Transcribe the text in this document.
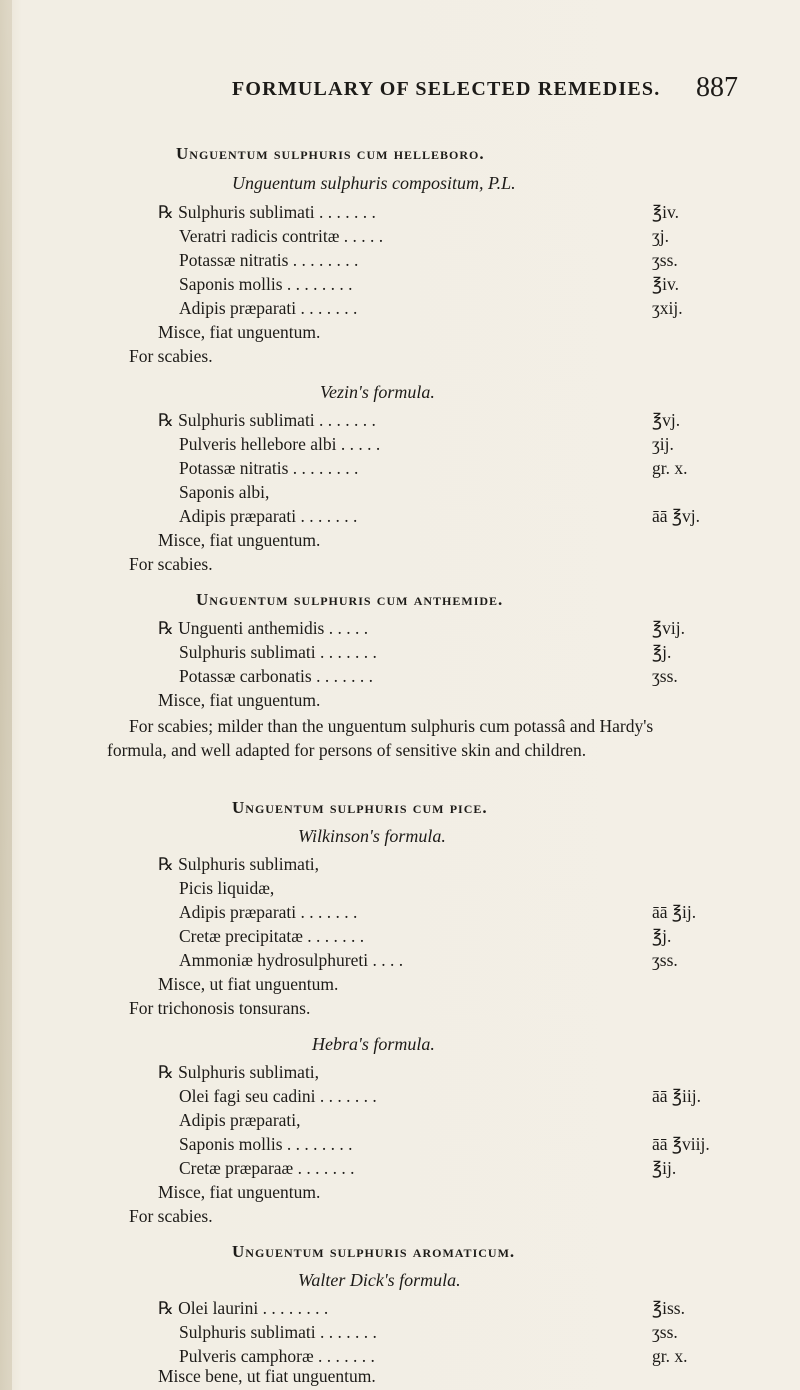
FORMULARY OF SELECTED REMEDIES. 887
Unguentum sulphuris cum helleboro.
Unguentum sulphuris compositum, P.L.
℞ Sulphuris sublimati . . . . . . .	℥iv.
Veratri radicis contritæ . . . . .	ʒj.
Potassæ nitratis . . . . . . . .	ʒss.
Saponis mollis . . . . . . . .	℥iv.
Adipis præparati . . . . . . .	ʒxij.
Misce, fiat unguentum.
For scabies.
Vezin's formula.
℞ Sulphuris sublimati . . . . . . .	℥vj.
Pulveris hellebore albi . . . . .	ʒij.
Potassæ nitratis . . . . . . . .	gr. x.
Saponis albi,
Adipis præparati . . . . . . .	āā ℥vj.
Misce, fiat unguentum.
For scabies.
Unguentum sulphuris cum anthemide.
℞ Unguenti anthemidis . . . . .	℥vij.
Sulphuris sublimati . . . . . . .	℥j.
Potassæ carbonatis . . . . . . .	ʒss.
Misce, fiat unguentum.
For scabies; milder than the unguentum sulphuris cum potassâ and Hardy's
formula, and well adapted for persons of sensitive skin and children.
Unguentum sulphuris cum pice.
Wilkinson's formula.
℞ Sulphuris sublimati,
Picis liquidæ,
Adipis præparati . . . . . . .	āā ℥ij.
Cretæ precipitatæ . . . . . . .	℥j.
Ammoniæ hydrosulphureti . . . .	ʒss.
Misce, ut fiat unguentum.
For trichonosis tonsurans.
Hebra's formula.
℞ Sulphuris sublimati,
Olei fagi seu cadini . . . . . . .	āā ℥iij.
Adipis præparati,
Saponis mollis . . . . . . . .	āā ℥viij.
Cretæ præparaæ . . . . . . .	℥ij.
Misce, fiat unguentum.
For scabies.
Unguentum sulphuris aromaticum.
Walter Dick's formula.
℞ Olei laurini . . . . . . . .	℥iss.
Sulphuris sublimati . . . . . . .	ʒss.
Pulveris camphoræ . . . . . . .	gr. x.
Misce bene, ut fiat unguentum.
